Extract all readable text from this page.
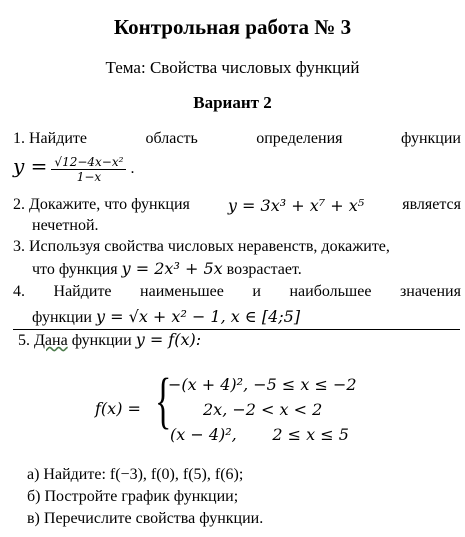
Контрольная работа № 3
Тема: Свойства числовых функций
Вариант 2
1. Найдите	область	определения	функции
$y = \frac{\text{√12−4x−x²}}{1-x}$ .
2. Докажите, что функция y = 3x³ + x⁷ + x⁵ является
нечетной.
3. Используя свойства числовых неравенств, докажите,
что функция y = 2x³ + 5x возрастает.
4. Найдите наименьшее и наибольшее значения
функции y = √x + x² − 1, x ∈ [4;5]
5. Дана функции y = f(x):
f(x) = {
−(x + 4)², −5 ≤ x ≤ −2
2x, −2 < x < 2
(x − 4)²,       2 ≤ x ≤ 5
а) Найдите: f(−3), f(0), f(5), f(6);
б) Постройте график функции;
в) Перечислите свойства функции.
